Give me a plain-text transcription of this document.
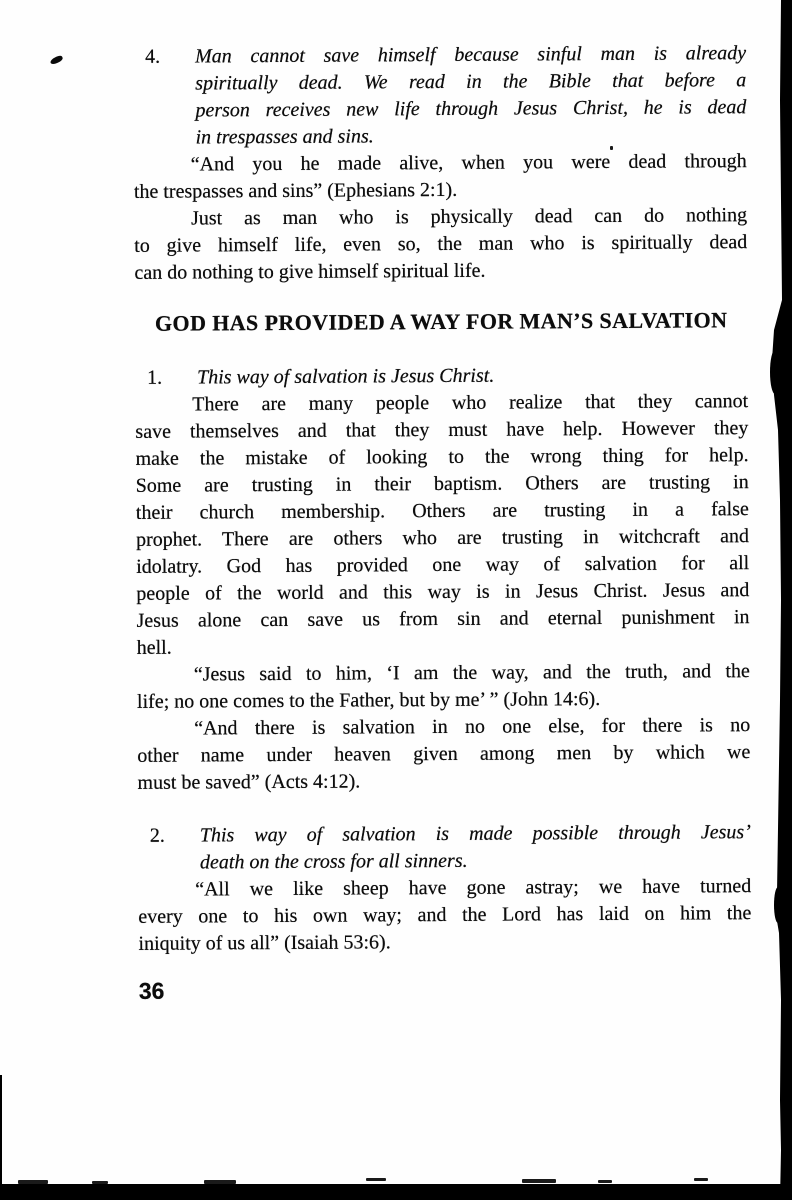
4. Man cannot save himself because sinful man is already
spiritually dead. We read in the Bible that before a
person receives new life through Jesus Christ, he is dead
in trespasses and sins.
“And you he made alive, when you were dead through
the trespasses and sins” (Ephesians 2:1).
Just as man who is physically dead can do nothing
to give himself life, even so, the man who is spiritually dead
can do nothing to give himself spiritual life.
GOD HAS PROVIDED A WAY FOR MAN’S SALVATION
1. This way of salvation is Jesus Christ.
There are many people who realize that they cannot
save themselves and that they must have help. However they
make the mistake of looking to the wrong thing for help.
Some are trusting in their baptism. Others are trusting in
their church membership. Others are trusting in a false
prophet. There are others who are trusting in witchcraft and
idolatry. God has provided one way of salvation for all
people of the world and this way is in Jesus Christ. Jesus and
Jesus alone can save us from sin and eternal punishment in
hell.
“Jesus said to him, ‘I am the way, and the truth, and the
life; no one comes to the Father, but by me’ ” (John 14:6).
“And there is salvation in no one else, for there is no
other name under heaven given among men by which we
must be saved” (Acts 4:12).
2. This way of salvation is made possible through Jesus’
death on the cross for all sinners.
“All we like sheep have gone astray; we have turned
every one to his own way; and the Lord has laid on him the
iniquity of us all” (Isaiah 53:6).
36
